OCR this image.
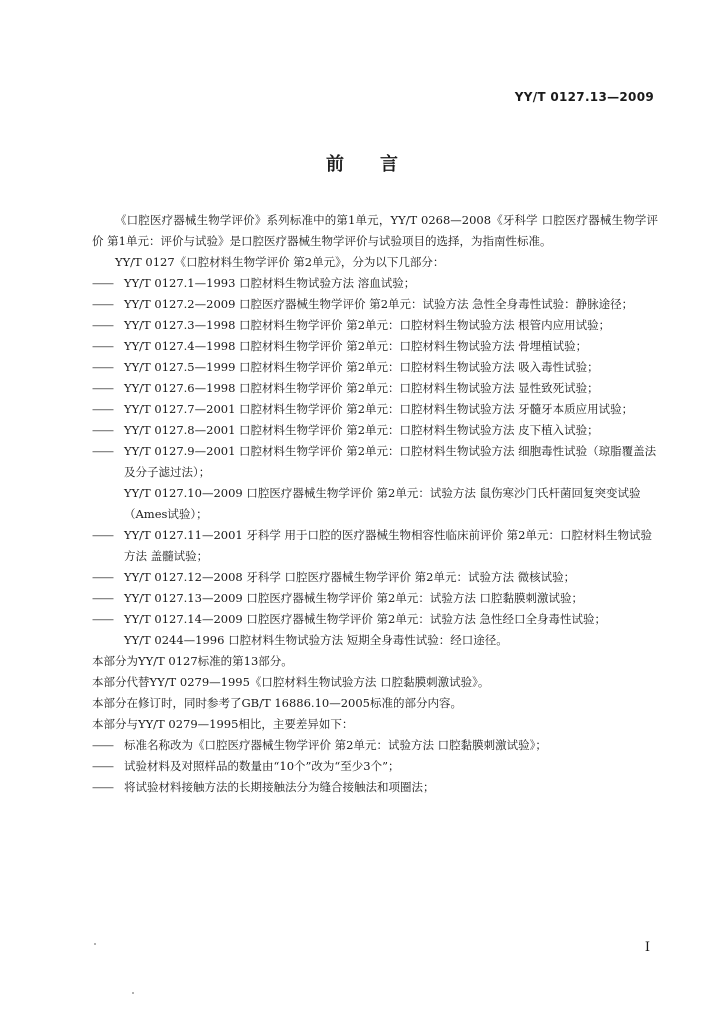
YY/T 0127.13—2009
前言
《口腔医疗器械生物学评价》系列标准中的第1单元，YY/T 0268—2008《牙科学 口腔医疗器械生物学评价 第1单元：评价与试验》是口腔医疗器械生物学评价与试验项目的选择，为指南性标准。
YY/T 0127《口腔材料生物学评价 第2单元》，分为以下几部分：
—— YY/T 0127.1—1993 口腔材料生物试验方法 溶血试验；
—— YY/T 0127.2—2009 口腔医疗器械生物学评价 第2单元：试验方法 急性全身毒性试验：静脉途径；
—— YY/T 0127.3—1998 口腔材料生物学评价 第2单元：口腔材料生物试验方法 根管内应用试验；
—— YY/T 0127.4—1998 口腔材料生物学评价 第2单元：口腔材料生物试验方法 骨埋植试验；
—— YY/T 0127.5—1999 口腔材料生物学评价 第2单元：口腔材料生物试验方法 吸入毒性试验；
—— YY/T 0127.6—1998 口腔材料生物学评价 第2单元：口腔材料生物试验方法 显性致死试验；
—— YY/T 0127.7—2001 口腔材料生物学评价 第2单元：口腔材料生物试验方法 牙髓牙本质应用试验；
—— YY/T 0127.8—2001 口腔材料生物学评价 第2单元：口腔材料生物试验方法 皮下植入试验；
—— YY/T 0127.9—2001 口腔材料生物学评价 第2单元：口腔材料生物试验方法 细胞毒性试验（琼脂覆盖法及分子滤过法）；
YY/T 0127.10—2009 口腔医疗器械生物学评价 第2单元：试验方法 鼠伤寒沙门氏杆菌回复突变试验（Ames试验）；
—— YY/T 0127.11—2001 牙科学 用于口腔的医疗器械生物相容性临床前评价 第2单元：口腔材料生物试验方法 盖髓试验；
—— YY/T 0127.12—2008 牙科学 口腔医疗器械生物学评价 第2单元：试验方法 微核试验；
—— YY/T 0127.13—2009 口腔医疗器械生物学评价 第2单元：试验方法 口腔黏膜刺激试验；
—— YY/T 0127.14—2009 口腔医疗器械生物学评价 第2单元：试验方法 急性经口全身毒性试验；
YY/T 0244—1996 口腔材料生物试验方法 短期全身毒性试验：经口途径。
本部分为YY/T 0127标准的第13部分。
本部分代替YY/T 0279—1995《口腔材料生物试验方法 口腔黏膜刺激试验》。
本部分在修订时，同时参考了GB/T 16886.10—2005标准的部分内容。
本部分与YY/T 0279—1995相比，主要差异如下：
—— 标准名称改为《口腔医疗器械生物学评价 第2单元：试验方法 口腔黏膜刺激试验》；
—— 试验材料及对照样品的数量由“10个”改为“至少3个”；
—— 将试验材料接触方法的长期接触法分为缝合接触法和项圈法；
I
